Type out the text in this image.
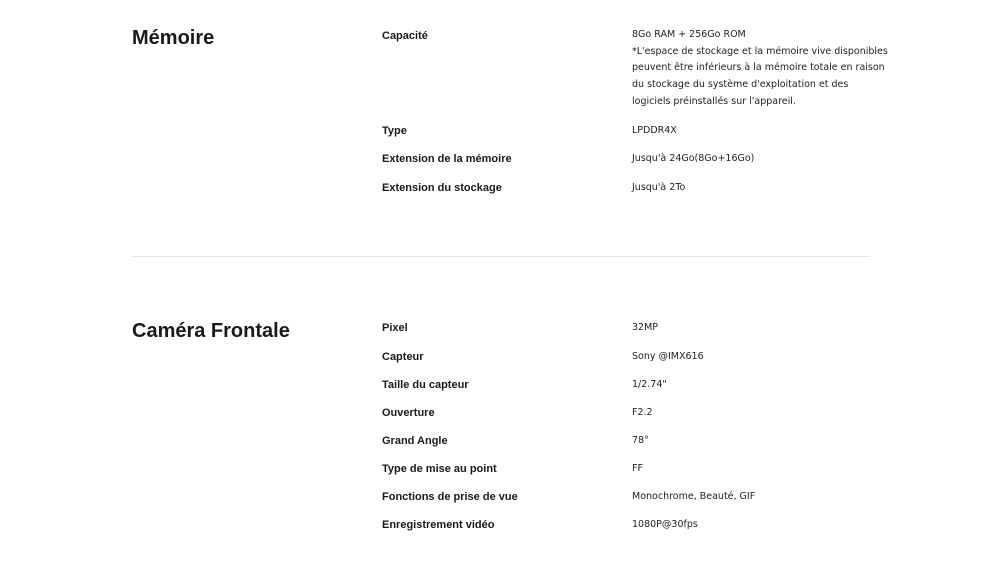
Mémoire	Capacité	8Go RAM + 256Go ROM
*L'espace de stockage et la mémoire vive disponibles
peuvent être inférieurs à la mémoire totale en raison
du stockage du système d'exploitation et des
logiciels préinstallés sur l'appareil.
Type	LPDDR4X
Extension de la mémoire	Jusqu'à 24Go(8Go+16Go)
Extension du stockage	Jusqu'à 2To
Caméra Frontale	Pixel	32MP
Capteur	Sony @IMX616
Taille du capteur	1/2.74"
Ouverture	F2.2
Grand Angle	78°
Type de mise au point	FF
Fonctions de prise de vue	Monochrome, Beauté, GIF
Enregistrement vidéo	1080P@30fps
